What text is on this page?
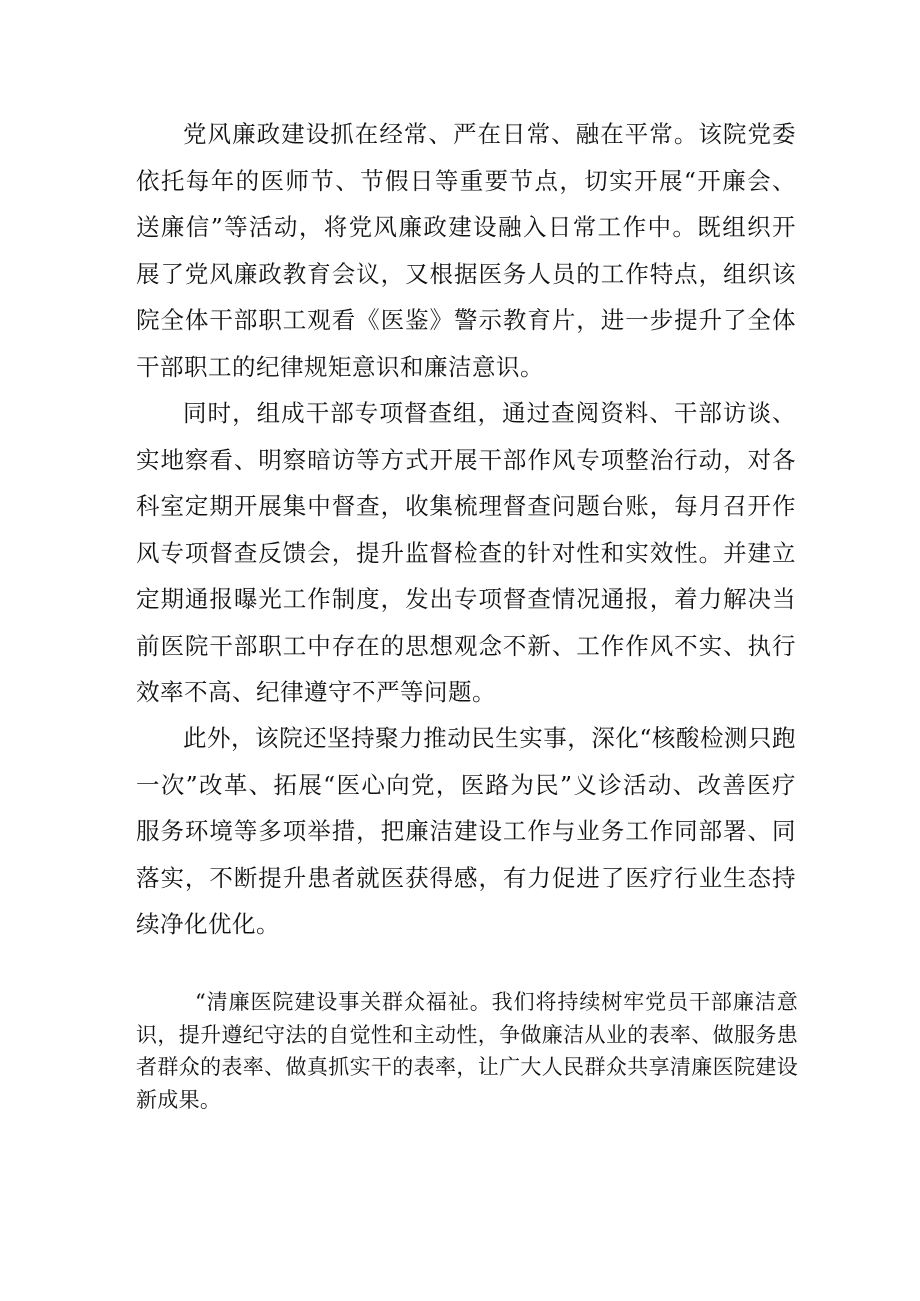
党风廉政建设抓在经常、严在日常、融在平常。该院党委依托每年的医师节、节假日等重要节点，切实开展“开廉会、送廉信”等活动，将党风廉政建设融入日常工作中。既组织开展了党风廉政教育会议，又根据医务人员的工作特点，组织该院全体干部职工观看《医鉴》警示教育片，进一步提升了全体干部职工的纪律规矩意识和廉洁意识。

同时，组成干部专项督查组，通过查阅资料、干部访谈、实地察看、明察暗访等方式开展干部作风专项整治行动，对各科室定期开展集中督查，收集梳理督查问题台账，每月召开作风专项督查反馈会，提升监督检查的针对性和实效性。并建立定期通报曝光工作制度，发出专项督查情况通报，着力解决当前医院干部职工中存在的思想观念不新、工作作风不实、执行效率不高、纪律遵守不严等问题。

此外，该院还坚持聚力推动民生实事，深化“核酸检测只跑一次”改革、拓展“医心向党，医路为民”义诊活动、改善医疗服务环境等多项举措，把廉洁建设工作与业务工作同部署、同落实，不断提升患者就医获得感，有力促进了医疗行业生态持续净化优化。

“清廉医院建设事关群众福祉。我们将持续树牢党员干部廉洁意识，提升遵纪守法的自觉性和主动性，争做廉洁从业的表率、做服务患者群众的表率、做真抓实干的表率，让广大人民群众共享清廉医院建设新成果。
